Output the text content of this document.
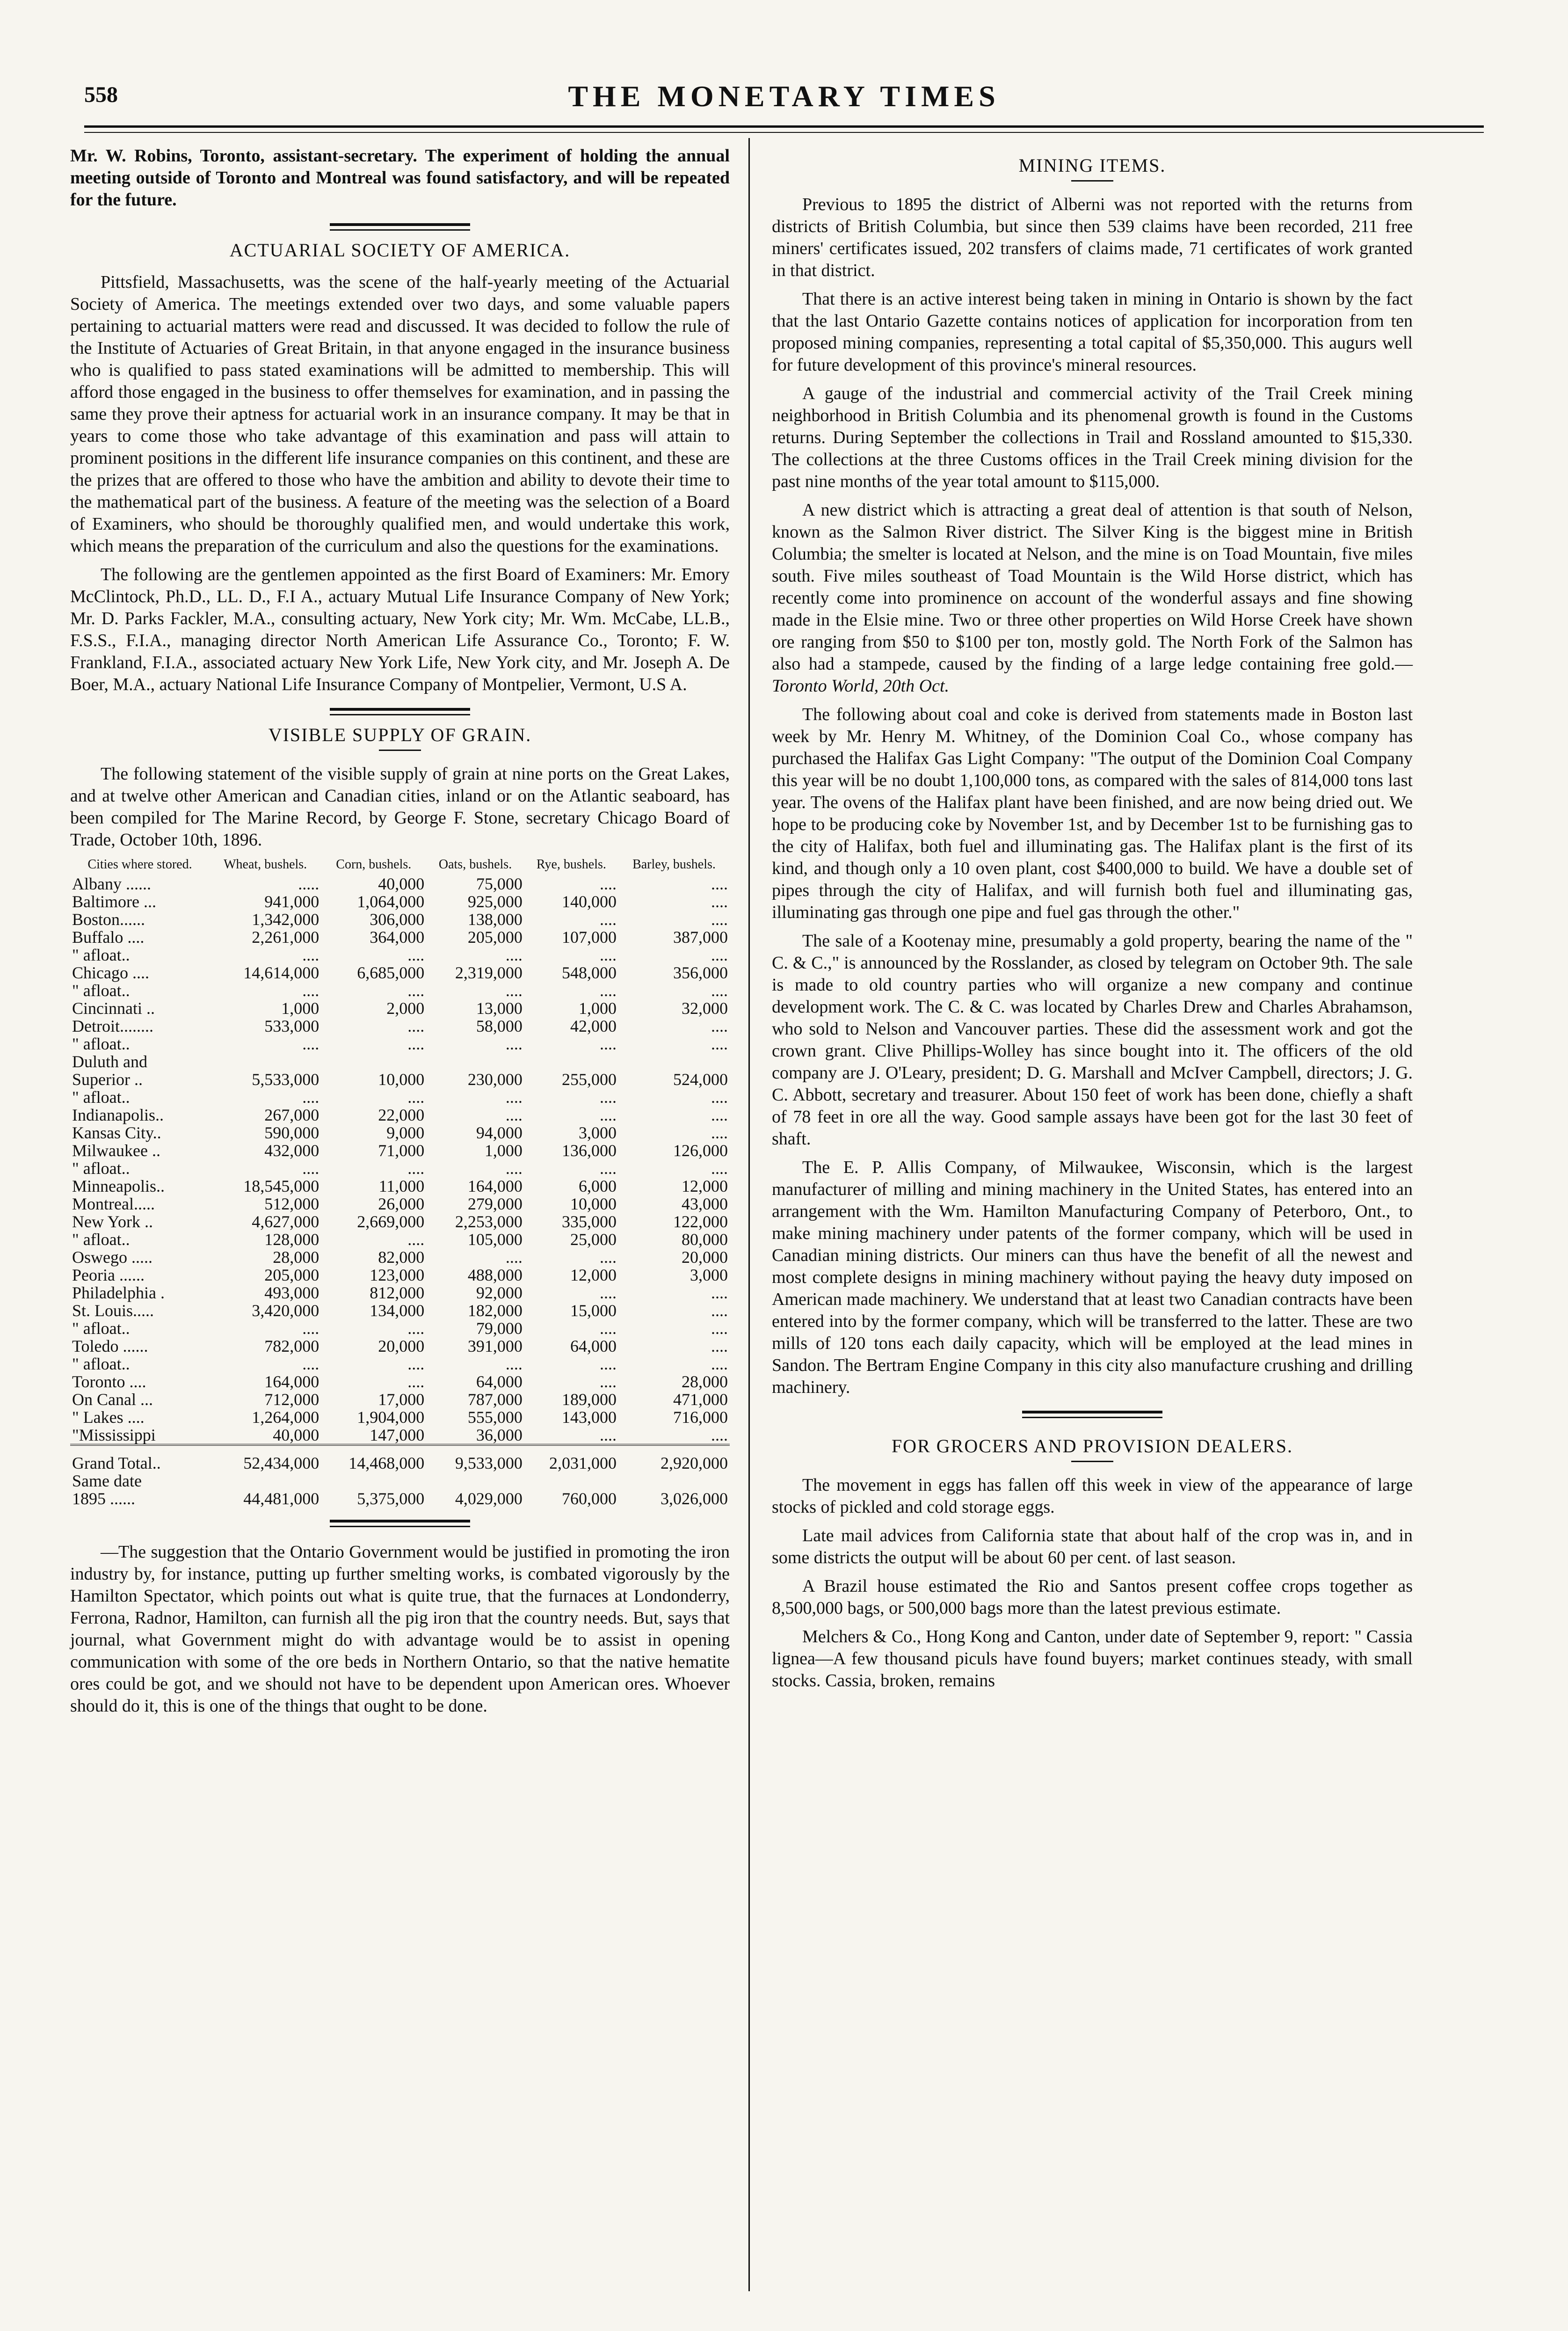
558	THE MONETARY TIMES

Mr. W. Robins, Toronto, assistant-secretary. The experiment of holding the annual meeting outside of Toronto and Montreal was found satisfactory, and will be repeated for the future.

ACTUARIAL SOCIETY OF AMERICA.

Pittsfield, Massachusetts, was the scene of the half-yearly meeting of the Actuarial Society of America. The meetings extended over two days, and some valuable papers pertaining to actuarial matters were read and discussed. It was decided to follow the rule of the Institute of Actuaries of Great Britain, in that anyone engaged in the insurance business who is qualified to pass stated examinations will be admitted to membership. This will afford those engaged in the business to offer themselves for examination, and in passing the same they prove their aptness for actuarial work in an insurance company. It may be that in years to come those who take advantage of this examination and pass will attain to prominent positions in the different life insurance companies on this continent, and these are the prizes that are offered to those who have the ambition and ability to devote their time to the mathematical part of the business. A feature of the meeting was the selection of a Board of Examiners, who should be thoroughly qualified men, and would undertake this work, which means the preparation of the curriculum and also the questions for the examinations.

The following are the gentlemen appointed as the first Board of Examiners: Mr. Emory McClintock, Ph.D., LL. D., F.I A., actuary Mutual Life Insurance Company of New York; Mr. D. Parks Fackler, M.A., consulting actuary, New York city; Mr. Wm. McCabe, LL.B., F.S.S., F.I.A., managing director North American Life Assurance Co., Toronto; F. W. Frankland, F.I.A., associated actuary New York Life, New York city, and Mr. Joseph A. De Boer, M.A., actuary National Life Insurance Company of Montpelier, Vermont, U.S A.

VISIBLE SUPPLY OF GRAIN.

The following statement of the visible supply of grain at nine ports on the Great Lakes, and at twelve other American and Canadian cities, inland or on the Atlantic seaboard, has been compiled for The Marine Record, by George F. Stone, secretary Chicago Board of Trade, October 10th, 1896.

Cities where stored.	Wheat, bushels.	Corn, bushels.	Oats, bushels.	Rye, bushels.	Barley, bushels.
Albany ......	.....	40,000	75,000	....	....
Baltimore ...	941,000	1,064,000	925,000	140,000	....
Boston......	1,342,000	306,000	138,000	....	....
Buffalo ....	2,261,000	364,000	205,000	107,000	387,000
" afloat..	....	....	....	....	....
Chicago ....	14,614,000	6,685,000	2,319,000	548,000	356,000
" afloat..	....	....	....	....	....
Cincinnati ..	1,000	2,000	13,000	1,000	32,000
Detroit........	533,000	....	58,000	42,000	....
" afloat..	....	....	....	....	....
Duluth and					
Superior ..	5,533,000	10,000	230,000	255,000	524,000
" afloat..	....	....	....	....	....
Indianapolis..	267,000	22,000	....	....	....
Kansas City..	590,000	9,000	94,000	3,000	....
Milwaukee ..	432,000	71,000	1,000	136,000	126,000
" afloat..	....	....	....	....	....
Minneapolis..	18,545,000	11,000	164,000	6,000	12,000
Montreal.....	512,000	26,000	279,000	10,000	43,000
New York ..	4,627,000	2,669,000	2,253,000	335,000	122,000
" afloat..	128,000	....	105,000	25,000	80,000
Oswego .....	28,000	82,000	....	....	20,000
Peoria ......	205,000	123,000	488,000	12,000	3,000
Philadelphia .	493,000	812,000	92,000	....	....
St. Louis.....	3,420,000	134,000	182,000	15,000	....
" afloat..	....	....	79,000	....	....
Toledo ......	782,000	20,000	391,000	64,000	....
" afloat..	....	....	....	....	....
Toronto ....	164,000	....	64,000	....	28,000
On Canal ...	712,000	17,000	787,000	189,000	471,000
" Lakes ....	1,264,000	1,904,000	555,000	143,000	716,000
"Mississippi	40,000	147,000	36,000	....	....
Grand Total..	52,434,000	14,468,000	9,533,000	2,031,000	2,920,000
Same date					
1895 ......	44,481,000	5,375,000	4,029,000	760,000	3,026,000

—The suggestion that the Ontario Government would be justified in promoting the iron industry by, for instance, putting up further smelting works, is combated vigorously by the Hamilton Spectator, which points out what is quite true, that the furnaces at Londonderry, Ferrona, Radnor, Hamilton, can furnish all the pig iron that the country needs. But, says that journal, what Government might do with advantage would be to assist in opening communication with some of the ore beds in Northern Ontario, so that the native hematite ores could be got, and we should not have to be dependent upon American ores. Whoever should do it, this is one of the things that ought to be done.

MINING ITEMS.

Previous to 1895 the district of Alberni was not reported with the returns from districts of British Columbia, but since then 539 claims have been recorded, 211 free miners' certificates issued, 202 transfers of claims made, 71 certificates of work granted in that district.

That there is an active interest being taken in mining in Ontario is shown by the fact that the last Ontario Gazette contains notices of application for incorporation from ten proposed mining companies, representing a total capital of $5,350,000. This augurs well for future development of this province's mineral resources.

A gauge of the industrial and commercial activity of the Trail Creek mining neighborhood in British Columbia and its phenomenal growth is found in the Customs returns. During September the collections in Trail and Rossland amounted to $15,330. The collections at the three Customs offices in the Trail Creek mining division for the past nine months of the year total amount to $115,000.

A new district which is attracting a great deal of attention is that south of Nelson, known as the Salmon River district. The Silver King is the biggest mine in British Columbia; the smelter is located at Nelson, and the mine is on Toad Mountain, five miles south. Five miles southeast of Toad Mountain is the Wild Horse district, which has recently come into prominence on account of the wonderful assays and fine showing made in the Elsie mine. Two or three other properties on Wild Horse Creek have shown ore ranging from $50 to $100 per ton, mostly gold. The North Fork of the Salmon has also had a stampede, caused by the finding of a large ledge containing free gold.— Toronto World, 20th Oct.

The following about coal and coke is derived from statements made in Boston last week by Mr. Henry M. Whitney, of the Dominion Coal Co., whose company has purchased the Halifax Gas Light Company: "The output of the Dominion Coal Company this year will be no doubt 1,100,000 tons, as compared with the sales of 814,000 tons last year. The ovens of the Halifax plant have been finished, and are now being dried out. We hope to be producing coke by November 1st, and by December 1st to be furnishing gas to the city of Halifax, both fuel and illuminating gas. The Halifax plant is the first of its kind, and though only a 10 oven plant, cost $400,000 to build. We have a double set of pipes through the city of Halifax, and will furnish both fuel and illuminating gas, illuminating gas through one pipe and fuel gas through the other."

The sale of a Kootenay mine, presumably a gold property, bearing the name of the " C. & C.," is announced by the Rosslander, as closed by telegram on October 9th. The sale is made to old country parties who will organize a new company and continue development work. The C. & C. was located by Charles Drew and Charles Abrahamson, who sold to Nelson and Vancouver parties. These did the assessment work and got the crown grant. Clive Phillips-Wolley has since bought into it. The officers of the old company are J. O'Leary, president; D. G. Marshall and McIver Campbell, directors; J. G. C. Abbott, secretary and treasurer. About 150 feet of work has been done, chiefly a shaft of 78 feet in ore all the way. Good sample assays have been got for the last 30 feet of shaft.

The E. P. Allis Company, of Milwaukee, Wisconsin, which is the largest manufacturer of milling and mining machinery in the United States, has entered into an arrangement with the Wm. Hamilton Manufacturing Company of Peterboro, Ont., to make mining machinery under patents of the former company, which will be used in Canadian mining districts. Our miners can thus have the benefit of all the newest and most complete designs in mining machinery without paying the heavy duty imposed on American made machinery. We understand that at least two Canadian contracts have been entered into by the former company, which will be transferred to the latter. These are two mills of 120 tons each daily capacity, which will be employed at the lead mines in Sandon. The Bertram Engine Company in this city also manufacture crushing and drilling machinery.

FOR GROCERS AND PROVISION DEALERS.

The movement in eggs has fallen off this week in view of the appearance of large stocks of pickled and cold storage eggs.

Late mail advices from California state that about half of the crop was in, and in some districts the output will be about 60 per cent. of last season.

A Brazil house estimated the Rio and Santos present coffee crops together as 8,500,000 bags, or 500,000 bags more than the latest previous estimate.

Melchers & Co., Hong Kong and Canton, under date of September 9, report: " Cassia lignea—A few thousand piculs have found buyers; market continues steady, with small stocks. Cassia, broken, remains
